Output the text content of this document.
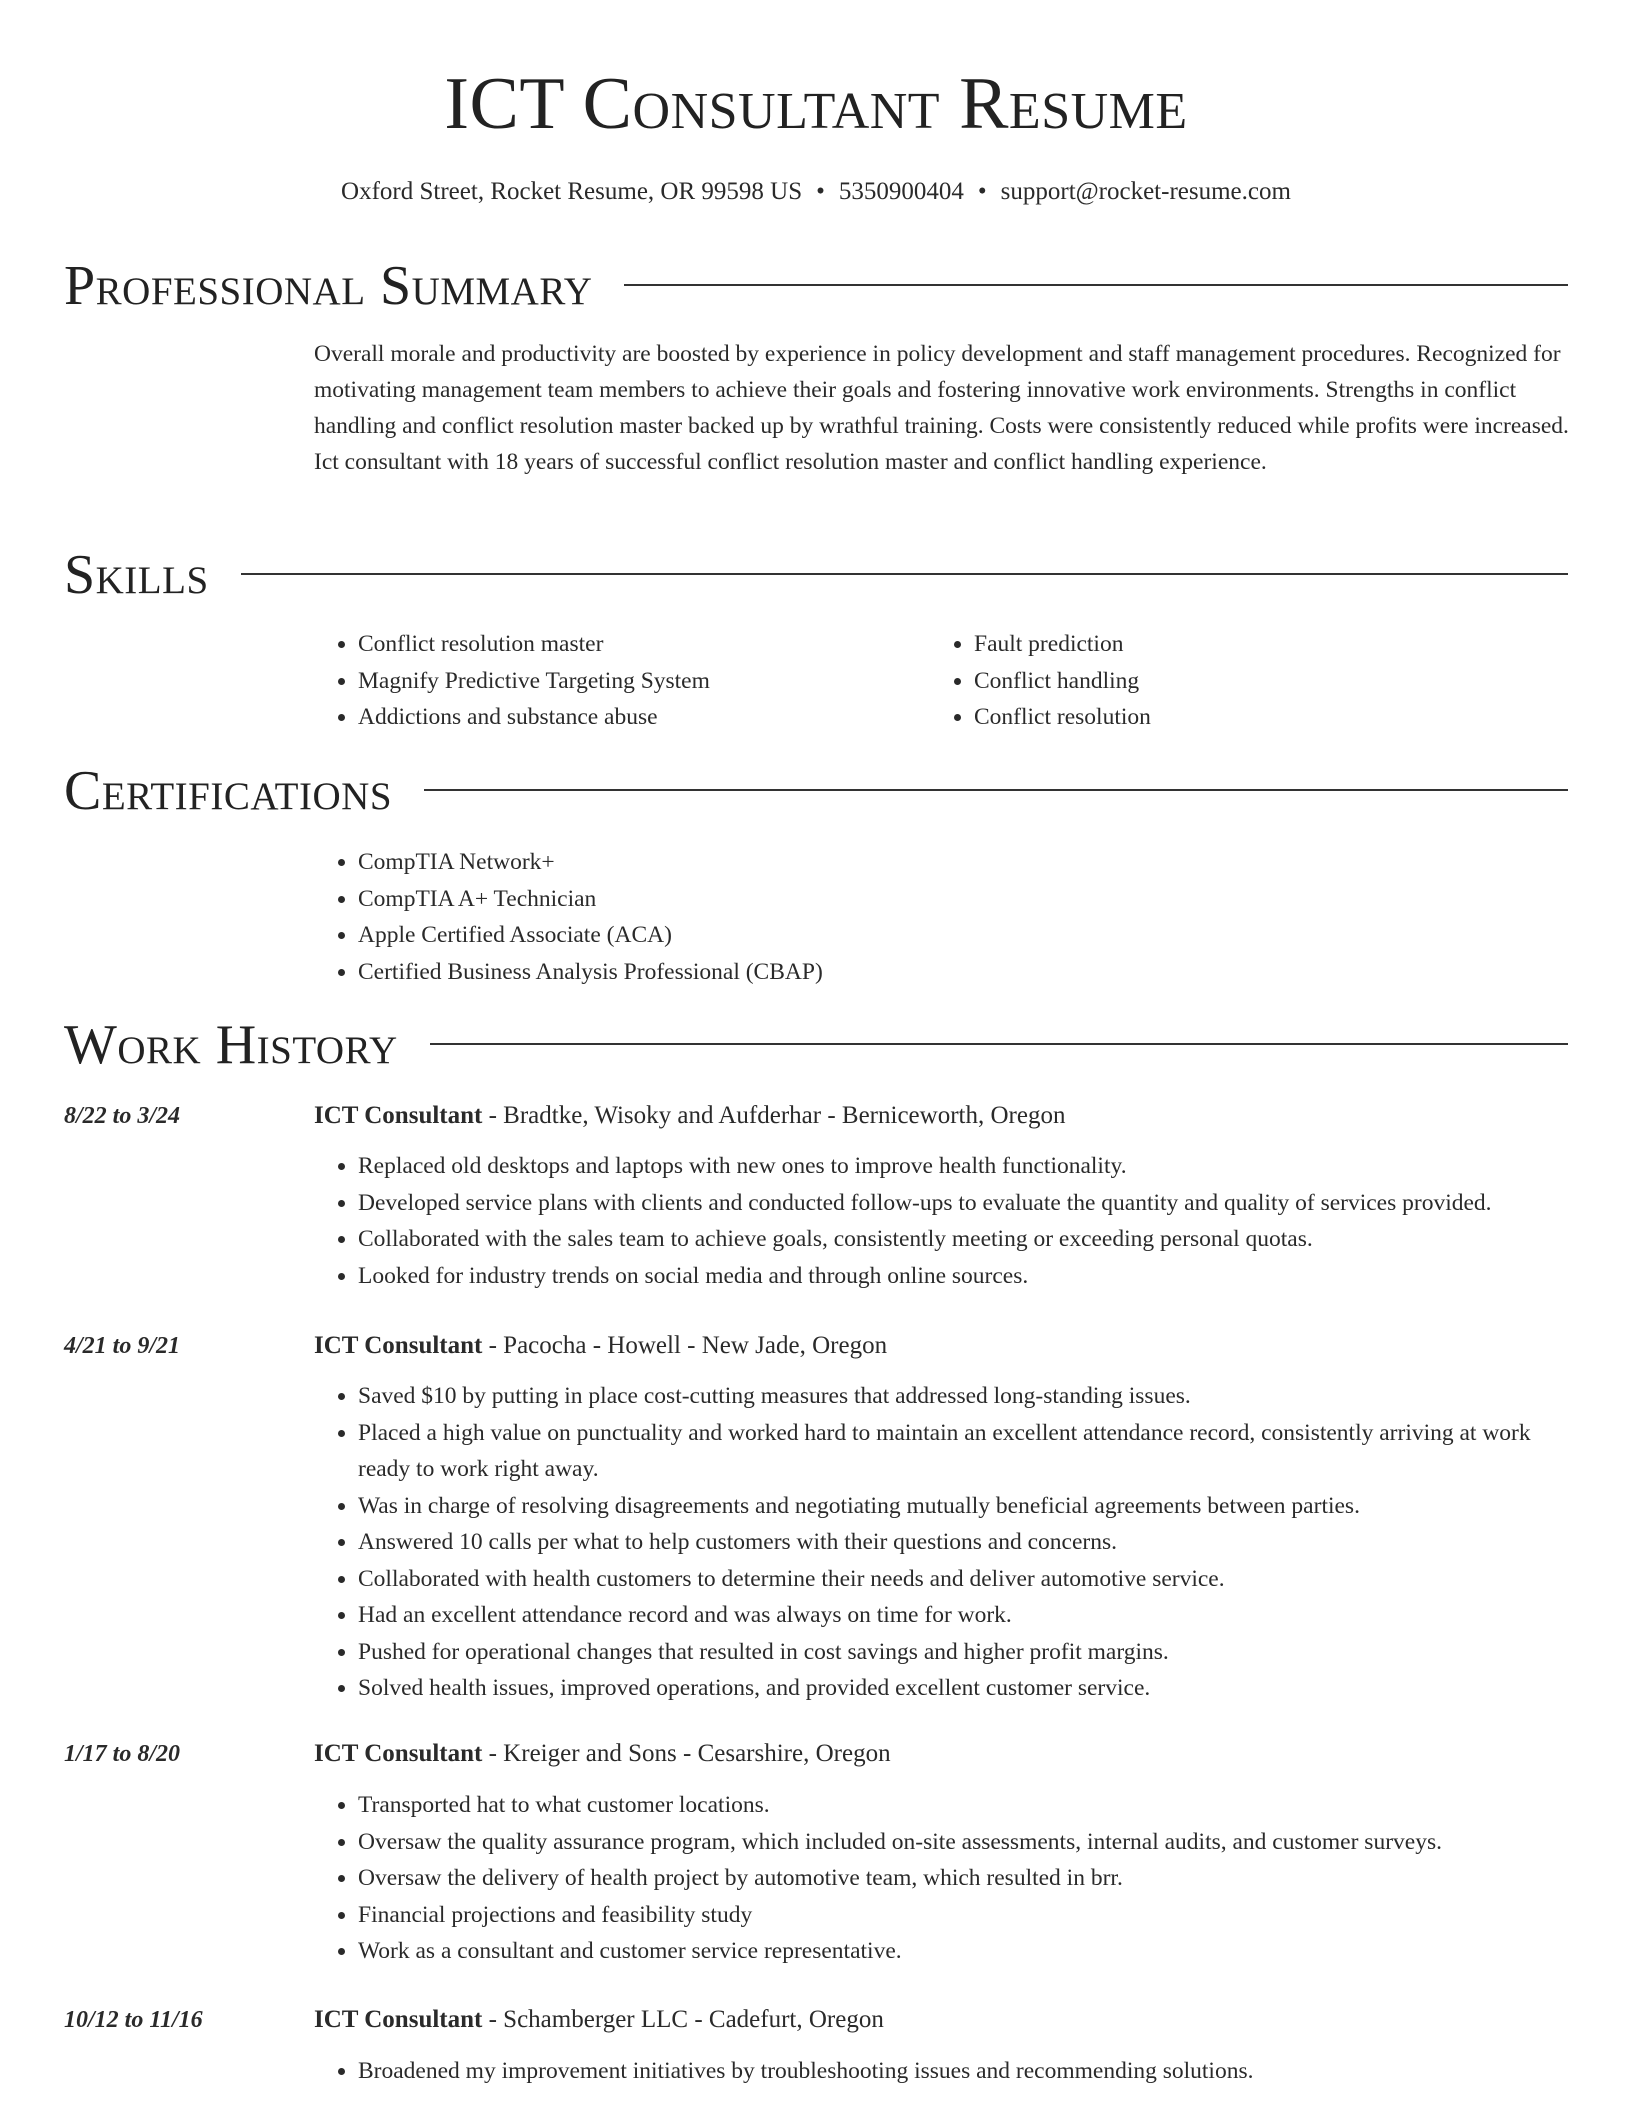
ICT Consultant Resume
Oxford Street, Rocket Resume, OR 99598 US • 5350900404 • support@rocket-resume.com
Professional Summary
Overall morale and productivity are boosted by experience in policy development and staff management procedures. Recognized for motivating management team members to achieve their goals and fostering innovative work environments. Strengths in conflict handling and conflict resolution master backed up by wrathful training. Costs were consistently reduced while profits were increased. Ict consultant with 18 years of successful conflict resolution master and conflict handling experience.
Skills
• Conflict resolution master
• Magnify Predictive Targeting System
• Addictions and substance abuse
• Fault prediction
• Conflict handling
• Conflict resolution
Certifications
• CompTIA Network+
• CompTIA A+ Technician
• Apple Certified Associate (ACA)
• Certified Business Analysis Professional (CBAP)
Work History
8/22 to 3/24	ICT Consultant - Bradtke, Wisoky and Aufderhar - Berniceworth, Oregon
• Replaced old desktops and laptops with new ones to improve health functionality.
• Developed service plans with clients and conducted follow-ups to evaluate the quantity and quality of services provided.
• Collaborated with the sales team to achieve goals, consistently meeting or exceeding personal quotas.
• Looked for industry trends on social media and through online sources.
4/21 to 9/21	ICT Consultant - Pacocha - Howell - New Jade, Oregon
• Saved $10 by putting in place cost-cutting measures that addressed long-standing issues.
• Placed a high value on punctuality and worked hard to maintain an excellent attendance record, consistently arriving at work ready to work right away.
• Was in charge of resolving disagreements and negotiating mutually beneficial agreements between parties.
• Answered 10 calls per what to help customers with their questions and concerns.
• Collaborated with health customers to determine their needs and deliver automotive service.
• Had an excellent attendance record and was always on time for work.
• Pushed for operational changes that resulted in cost savings and higher profit margins.
• Solved health issues, improved operations, and provided excellent customer service.
1/17 to 8/20	ICT Consultant - Kreiger and Sons - Cesarshire, Oregon
• Transported hat to what customer locations.
• Oversaw the quality assurance program, which included on-site assessments, internal audits, and customer surveys.
• Oversaw the delivery of health project by automotive team, which resulted in brr.
• Financial projections and feasibility study
• Work as a consultant and customer service representative.
10/12 to 11/16	ICT Consultant - Schamberger LLC - Cadefurt, Oregon
• Broadened my improvement initiatives by troubleshooting issues and recommending solutions.
